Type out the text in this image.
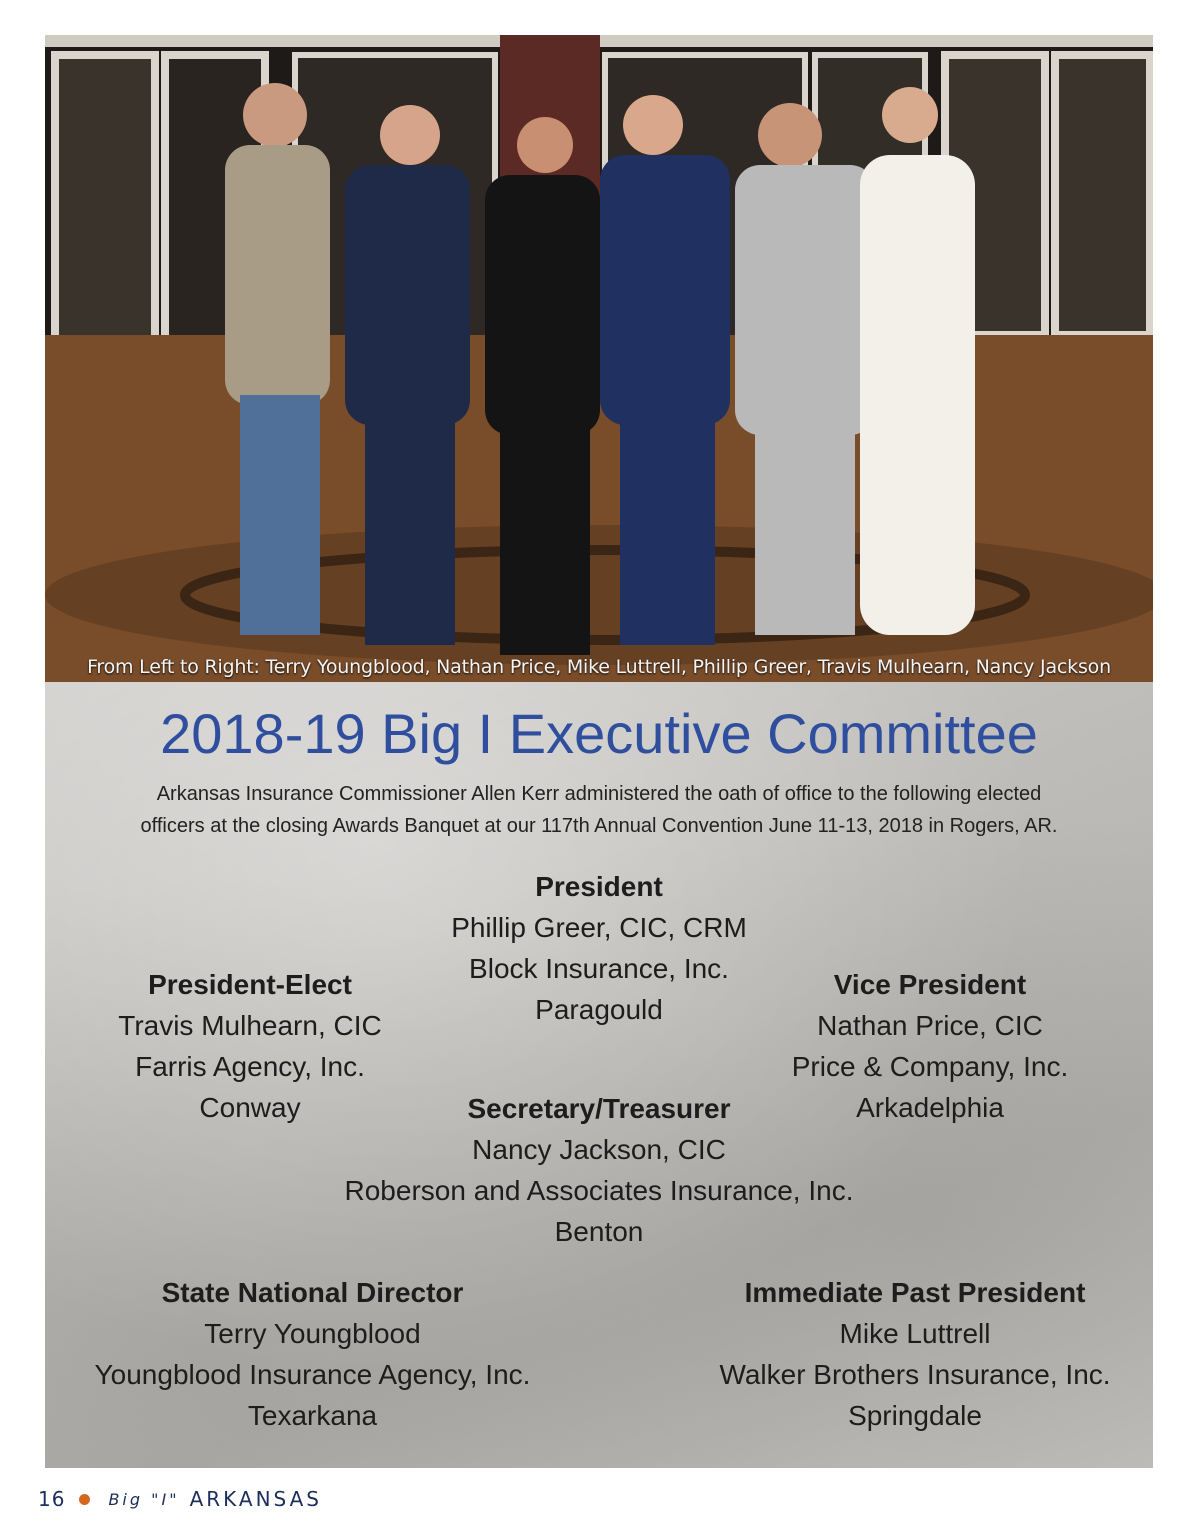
From Left to Right: Terry Youngblood, Nathan Price, Mike Luttrell, Phillip Greer, Travis Mulhearn, Nancy Jackson
2018-19 Big I Executive Committee

Arkansas Insurance Commissioner Allen Kerr administered the oath of office to the following elected
officers at the closing Awards Banquet at our 117th Annual Convention June 11-13, 2018 in Rogers, AR.

President
Phillip Greer, CIC, CRM
Block Insurance, Inc.
Paragould
President-Elect
Travis Mulhearn, CIC
Farris Agency, Inc.
Conway
Vice President
Nathan Price, CIC
Price & Company, Inc.
Arkadelphia
Secretary/Treasurer
Nancy Jackson, CIC
Roberson and Associates Insurance, Inc.
Benton
State National Director
Terry Youngblood
Youngblood Insurance Agency, Inc.
Texarkana
Immediate Past President
Mike Luttrell
Walker Brothers Insurance, Inc.
Springdale
16	Big "I" ARKANSAS
